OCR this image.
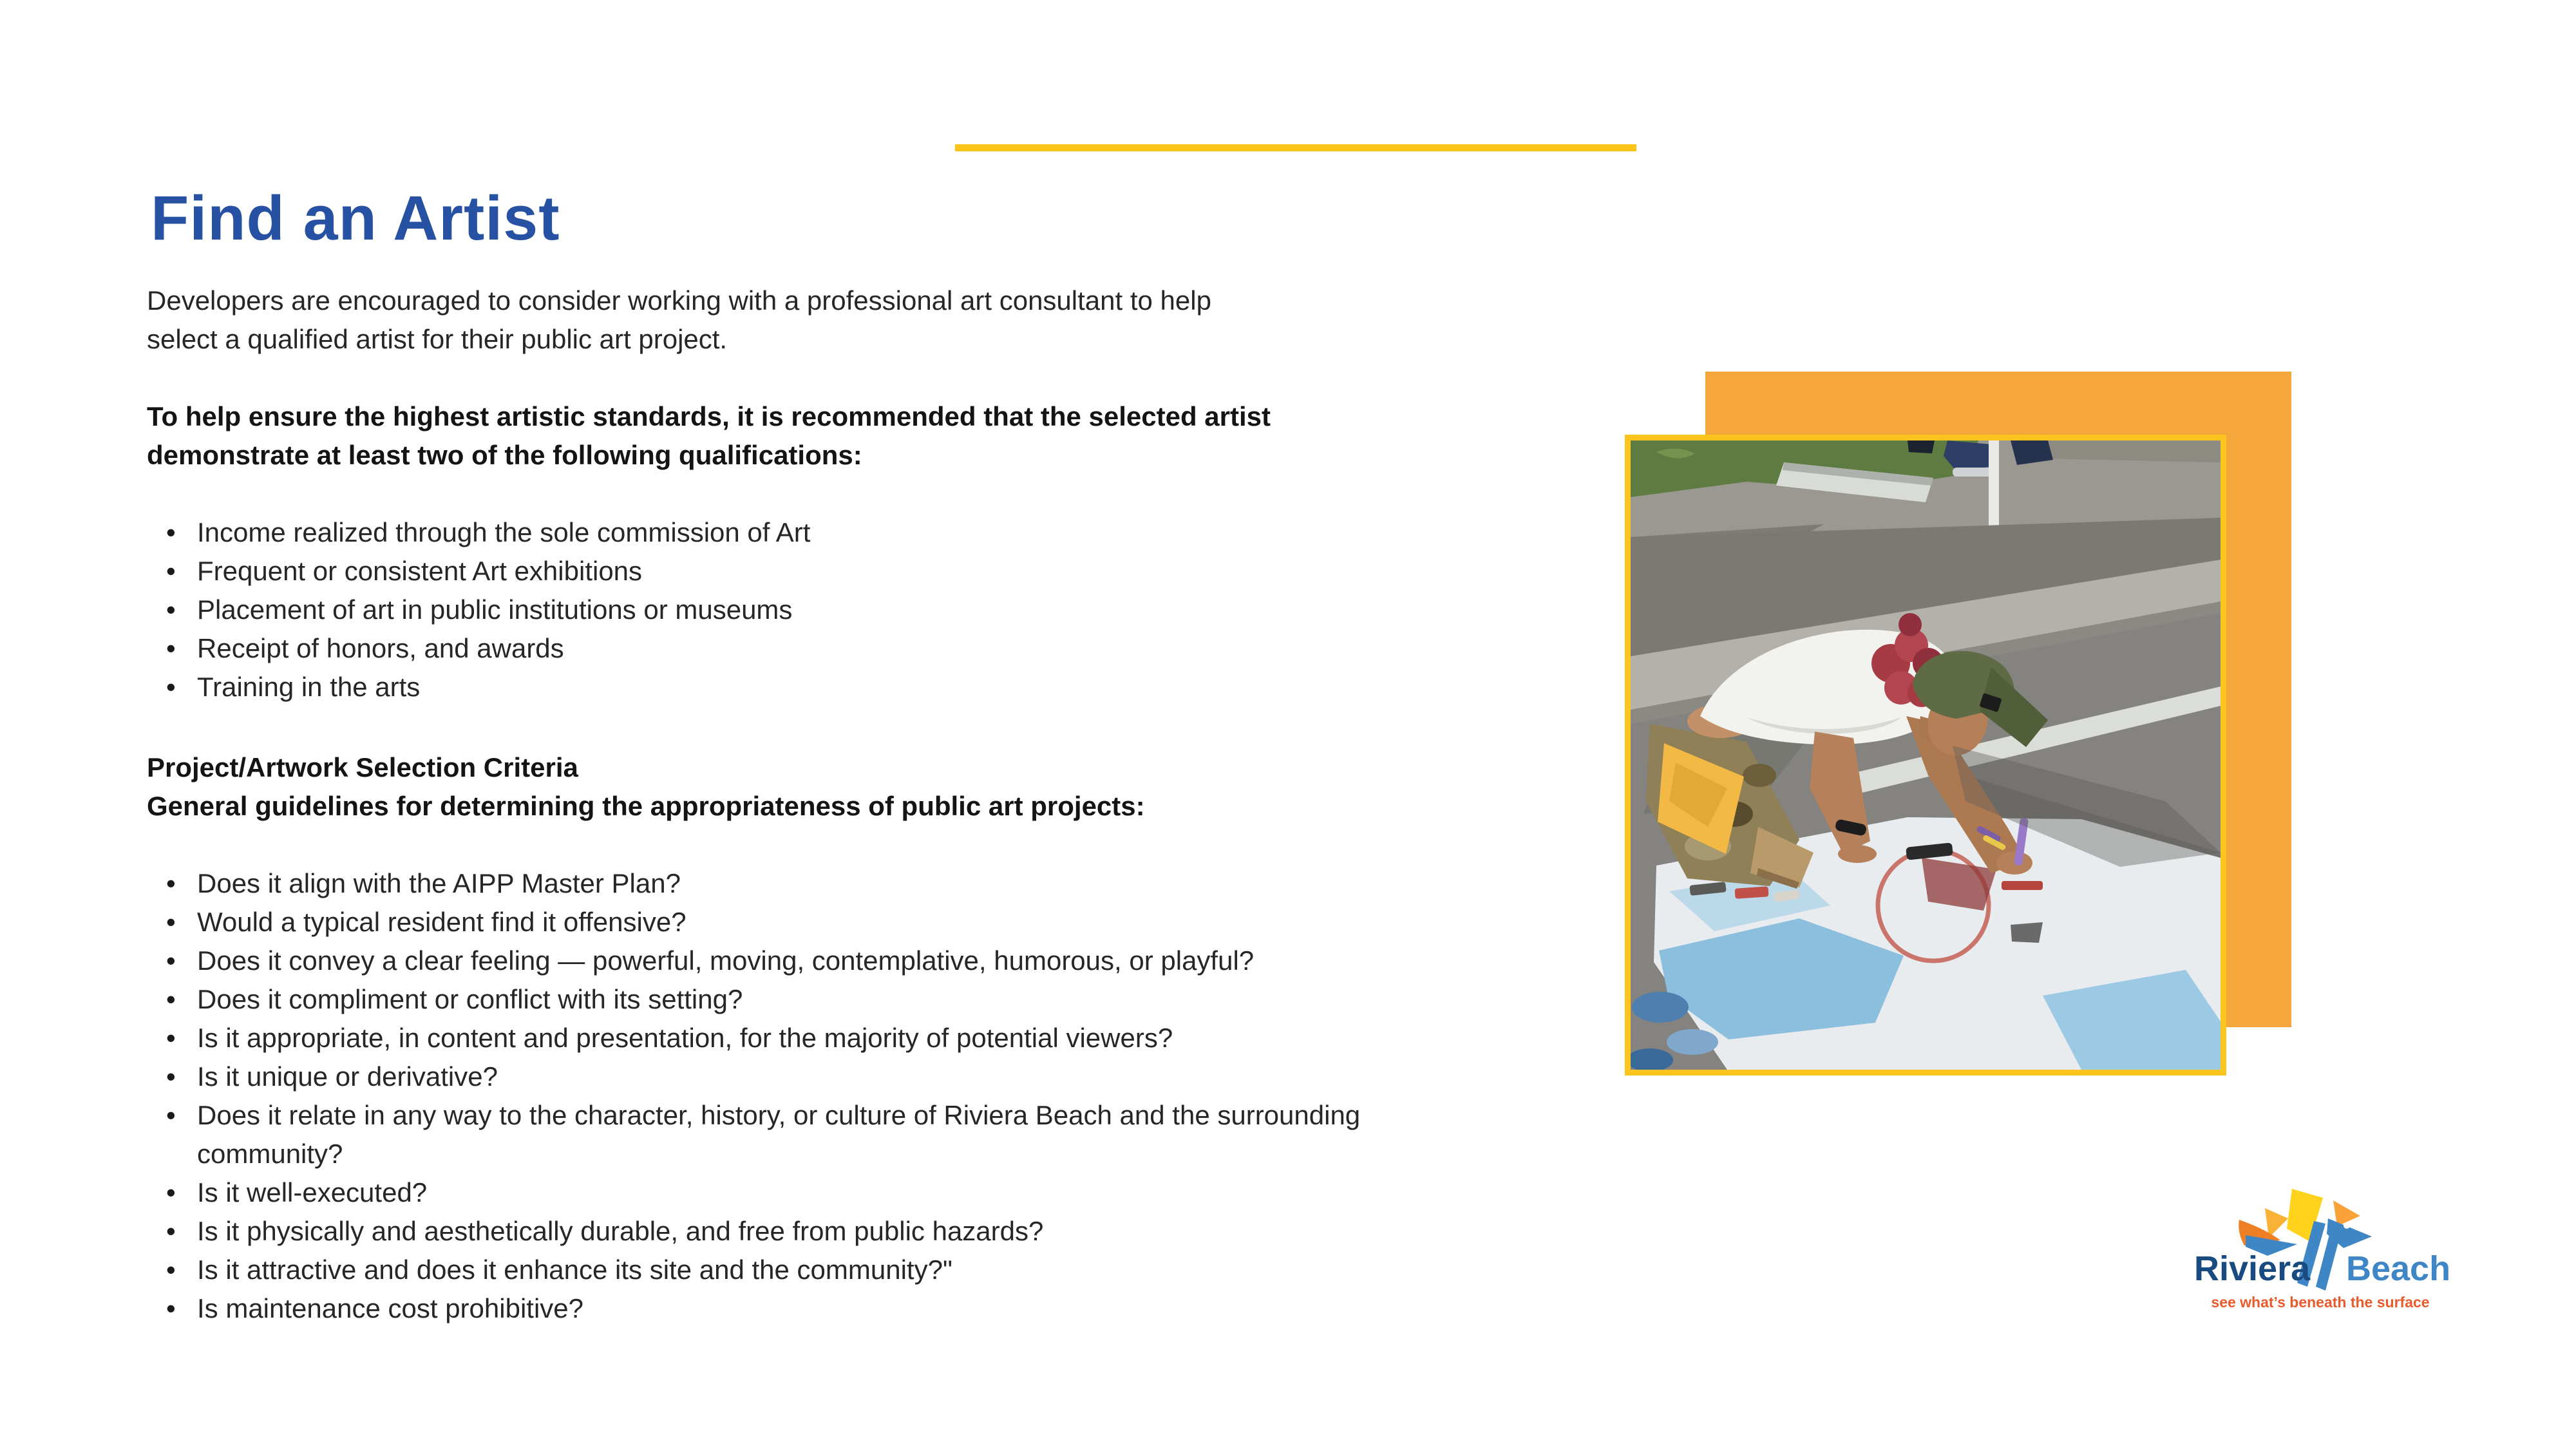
Find an Artist
Developers are encouraged to consider working with a professional art consultant to help
select a qualified artist for their public art project.
To help ensure the highest artistic standards, it is recommended that the selected artist
demonstrate at least two of the following qualifications:
• Income realized through the sole commission of Art
• Frequent or consistent Art exhibitions
• Placement of art in public institutions or museums
• Receipt of honors, and awards
• Training in the arts
Project/Artwork Selection Criteria
General guidelines for determining the appropriateness of public art projects:
• Does it align with the AIPP Master Plan?
• Would a typical resident find it offensive?
• Does it convey a clear feeling — powerful, moving, contemplative, humorous, or playful?
• Does it compliment or conflict with its setting?
• Is it appropriate, in content and presentation, for the majority of potential viewers?
• Is it unique or derivative?
• Does it relate in any way to the character, history, or culture of Riviera Beach and the surrounding community?
• Is it well-executed?
• Is it physically and aesthetically durable, and free from public hazards?
• Is it attractive and does it enhance its site and the community?"
• Is maintenance cost prohibitive?
Riviera Beach
see what’s beneath the surface
